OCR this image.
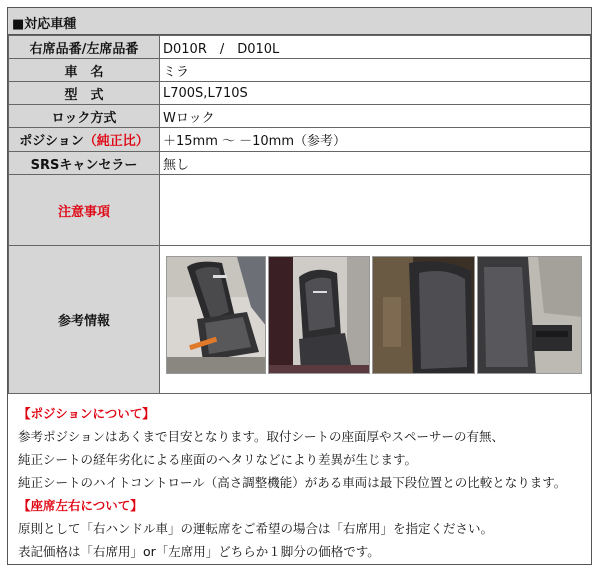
■対応車種
右席品番/左席品番	D010R　/　D010L
車　名	ミラ
型　式	L700S,L710S
ロック方式	Wロック
ポジション（純正比）	＋15mm 〜 －10mm（参考）
SRSキャンセラー	無し
注意事項	
参考情報	
【ポジションについて】
参考ポジションはあくまで目安となります。取付シートの座面厚やスペーサーの有無、
純正シートの経年劣化による座面のヘタリなどにより差異が生じます。
純正シートのハイトコントロール（高さ調整機能）がある車両は最下段位置との比較となります。
【座席左右について】
原則として「右ハンドル車」の運転席をご希望の場合は「右席用」を指定ください。
表記価格は「右席用」or「左席用」どちらか１脚分の価格です。
